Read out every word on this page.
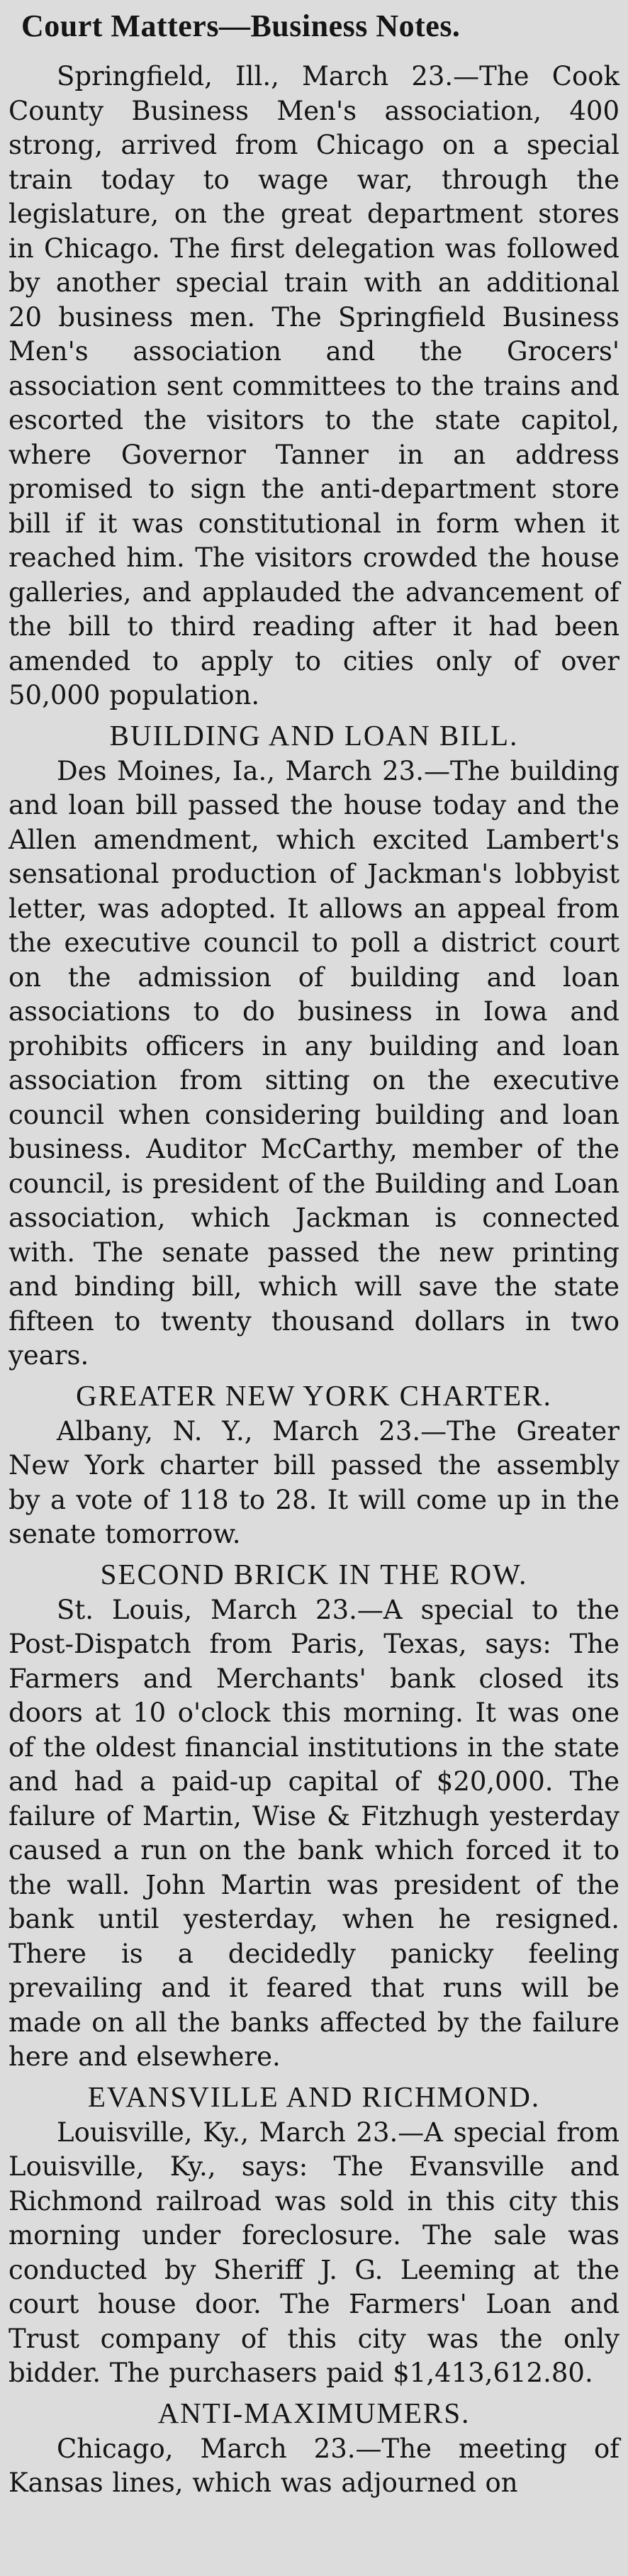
Court Matters—Business Notes.

Springfield, Ill., March 23.—The Cook County Business Men's association, 400 strong, arrived from Chicago on a special train today to wage war, through the legislature, on the great department stores in Chicago. The first delegation was followed by another special train with an additional 20 business men. The Springfield Business Men's association and the Grocers' association sent committees to the trains and escorted the visitors to the state capitol, where Governor Tanner in an address promised to sign the anti-department store bill if it was constitutional in form when it reached him. The visitors crowded the house galleries, and applauded the advancement of the bill to third reading after it had been amended to apply to cities only of over 50,000 population.

BUILDING AND LOAN BILL.

Des Moines, Ia., March 23.—The building and loan bill passed the house today and the Allen amendment, which excited Lambert's sensational production of Jackman's lobbyist letter, was adopted. It allows an appeal from the executive council to poll a district court on the admission of building and loan associations to do business in Iowa and prohibits officers in any building and loan association from sitting on the executive council when considering building and loan business. Auditor McCarthy, member of the council, is president of the Building and Loan association, which Jackman is connected with. The senate passed the new printing and binding bill, which will save the state fifteen to twenty thousand dollars in two years.

GREATER NEW YORK CHARTER.

Albany, N. Y., March 23.—The Greater New York charter bill passed the assembly by a vote of 118 to 28. It will come up in the senate tomorrow.

SECOND BRICK IN THE ROW.

St. Louis, March 23.—A special to the Post-Dispatch from Paris, Texas, says: The Farmers and Merchants' bank closed its doors at 10 o'clock this morning. It was one of the oldest financial institutions in the state and had a paid-up capital of $20,000. The failure of Martin, Wise & Fitzhugh yesterday caused a run on the bank which forced it to the wall. John Martin was president of the bank until yesterday, when he resigned. There is a decidedly panicky feeling prevailing and it feared that runs will be made on all the banks affected by the failure here and elsewhere.

EVANSVILLE AND RICHMOND.

Louisville, Ky., March 23.—A special from Louisville, Ky., says: The Evansville and Richmond railroad was sold in this city this morning under foreclosure. The sale was conducted by Sheriff J. G. Leeming at the court house door. The Farmers' Loan and Trust company of this city was the only bidder. The purchasers paid $1,413,612.80.

ANTI-MAXIMUMERS.

Chicago, March 23.—The meeting of Kansas lines, which was adjourned on
